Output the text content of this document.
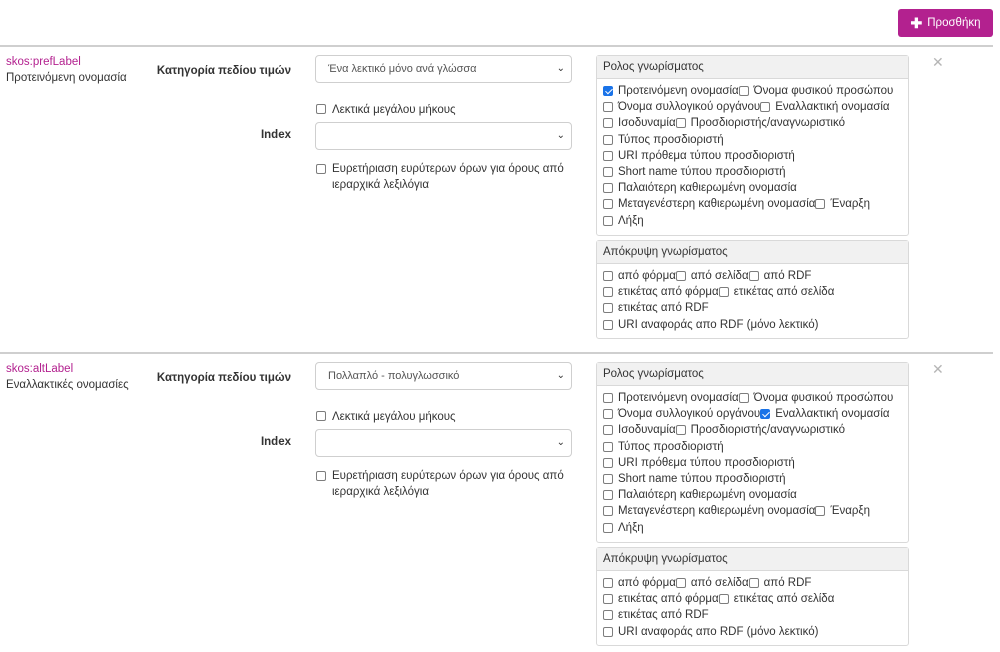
✚ Προσθήκη
skos:prefLabel
Προτεινόμενη ονομασία
Κατηγορία πεδίου τιμών	Ένα λεκτικό μόνο ανά γλώσσα	⌄
Λεκτικά μεγάλου μήκους
Index	⌄
Ευρετήριαση ευρύτερων όρων για όρους από ιεραρχικά λεξιλόγια
Ρολος γνωρίσματος
Προτεινόμενη ονομασία Όνομα φυσικού προσώπου
Όνομα συλλογικού οργάνου Εναλλακτική ονομασία
Ισοδυναμία Προσδιοριστής/αναγνωριστικό
Τύπος προσδιοριστή
URI πρόθεμα τύπου προσδιοριστή
Short name τύπου προσδιοριστή
Παλαιότερη καθιερωμένη ονομασία
Μεταγενέστερη καθιερωμένη ονομασία Έναρξη
Λήξη
Απόκρυψη γνωρίσματος
από φόρμα από σελίδα από RDF
ετικέτας από φόρμα ετικέτας από σελίδα
ετικέτας από RDF
URI αναφοράς απο RDF (μόνο λεκτικό)
✕
skos:altLabel
Εναλλακτικές ονομασίες
Κατηγορία πεδίου τιμών	Πολλαπλό - πολυγλωσσικό	⌄
Λεκτικά μεγάλου μήκους
Index	⌄
Ευρετήριαση ευρύτερων όρων για όρους από ιεραρχικά λεξιλόγια
Ρολος γνωρίσματος
Προτεινόμενη ονομασία Όνομα φυσικού προσώπου
Όνομα συλλογικού οργάνου Εναλλακτική ονομασία
Ισοδυναμία Προσδιοριστής/αναγνωριστικό
Τύπος προσδιοριστή
URI πρόθεμα τύπου προσδιοριστή
Short name τύπου προσδιοριστή
Παλαιότερη καθιερωμένη ονομασία
Μεταγενέστερη καθιερωμένη ονομασία Έναρξη
Λήξη
Απόκρυψη γνωρίσματος
από φόρμα από σελίδα από RDF
ετικέτας από φόρμα ετικέτας από σελίδα
ετικέτας από RDF
URI αναφοράς απο RDF (μόνο λεκτικό)
✕
